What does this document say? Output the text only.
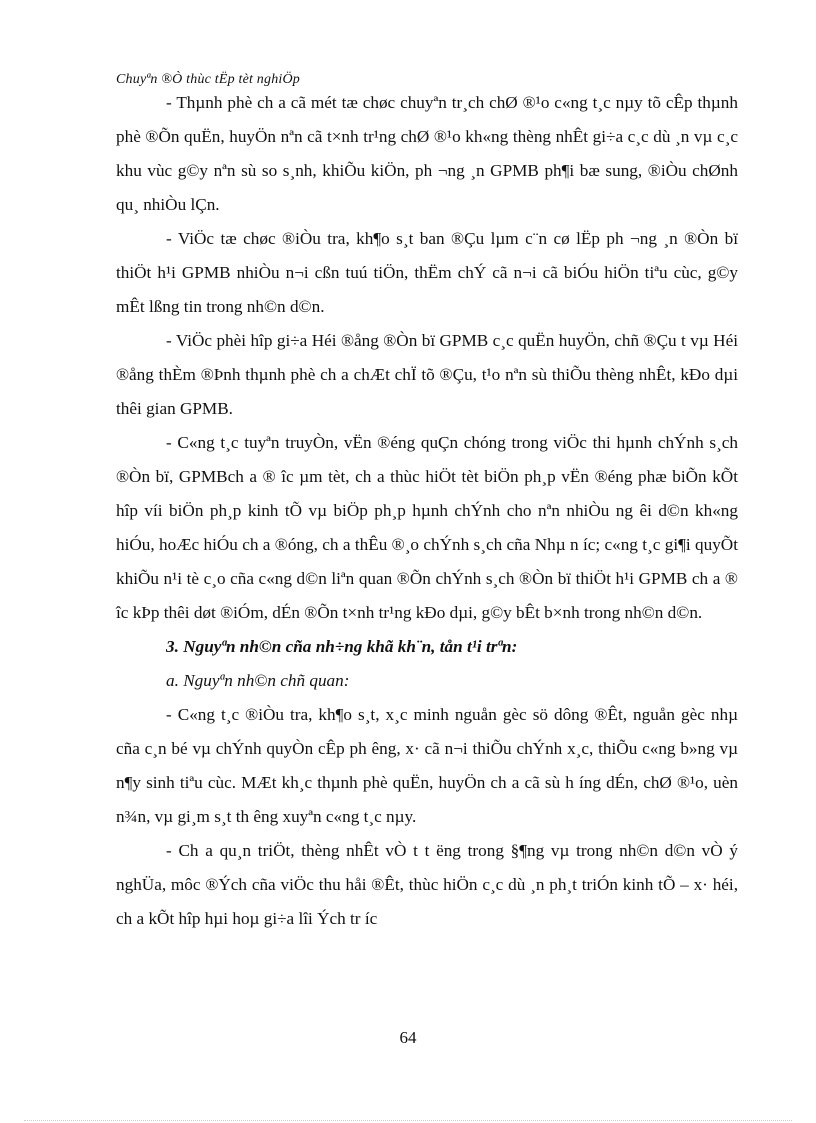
Chuyªn ®Ò thùc tËp tèt nghiÖp

- Thµnh phè ch a cã mét tæ chøc chuyªn tr¸ch chØ ®¹o c«ng t¸c nµy tõ cÊp thµnh phè ®Õn quËn, huyÖn nªn cã t×nh tr¹ng chØ ®¹o kh«ng thèng nhÊt gi÷a c¸c dù ¸n vµ c¸c khu vùc g©y nªn sù so s¸nh, khiÕu kiÖn, ph ¬ng ¸n GPMB ph¶i bæ sung, ®iÒu chØnh qu¸ nhiÒu lÇn.

- ViÖc tæ chøc ®iÒu tra, kh¶o s¸t ban ®Çu lµm c¨n cø lËp ph ¬ng ¸n ®Òn bï thiÖt h¹i GPMB nhiÒu n¬i cßn tuú tiÖn, thËm chÝ cã n¬i cã biÓu hiÖn tiªu cùc, g©y mÊt lßng tin trong nh©n d©n.

- ViÖc phèi hîp gi÷a Héi ®ång ®Òn bï GPMB c¸c quËn huyÖn, chñ ®Çu t vµ Héi ®ång thÈm ®Þnh thµnh phè ch a chÆt chÏ tõ ®Çu, t¹o nªn sù thiÕu thèng nhÊt, kÐo dµi thêi gian GPMB.

- C«ng t¸c tuyªn truyÒn, vËn ®éng quÇn chóng trong viÖc thi hµnh chÝnh s¸ch ®Òn bï, GPMBch a ® îc µm tèt, ch a thùc hiÖt tèt biÖn ph¸p vËn ®éng phæ biÕn kÕt hîp víi biÖn ph¸p kinh tÕ vµ biÖp ph¸p hµnh chÝnh cho nªn nhiÒu ng êi d©n kh«ng hiÓu, hoÆc hiÓu ch a ®óng, ch a thÊu ®¸o chÝnh s¸ch cña Nhµ n íc; c«ng t¸c gi¶i quyÕt khiÕu n¹i tè c¸o cña c«ng d©n liªn quan ®Õn chÝnh s¸ch ®Òn bï thiÖt h¹i GPMB ch a ® îc kÞp thêi døt ®iÓm, dÉn ®Õn t×nh tr¹ng kÐo dµi, g©y bÊt b×nh trong nh©n d©n.

3. Nguyªn nh©n cña nh÷ng khã kh¨n, tån t¹i trªn:

a. Nguyªn nh©n chñ quan:

- C«ng t¸c ®iÒu tra, kh¶o s¸t, x¸c minh nguån gèc sö dông ®Êt, nguån gèc nhµ cña c¸n bé vµ chÝnh quyÒn cÊp ph êng, x· cã n¬i thiÕu chÝnh x¸c, thiÕu c«ng b»ng vµ n¶y sinh tiªu cùc. MÆt kh¸c thµnh phè quËn, huyÖn ch a cã sù h íng dÉn, chØ ®¹o, uèn n¾n, vµ gi¸m s¸t th êng xuyªn c«ng t¸c nµy.

- Ch a qu¸n triÖt, thèng nhÊt vÒ t t ëng trong §¶ng vµ trong nh©n d©n vÒ ý nghÜa, môc ®Ých cña viÖc thu håi ®Êt, thùc hiÖn c¸c dù ¸n ph¸t triÓn kinh tÕ – x· héi, ch a kÕt hîp hµi hoµ gi÷a lîi Ých tr íc

64
